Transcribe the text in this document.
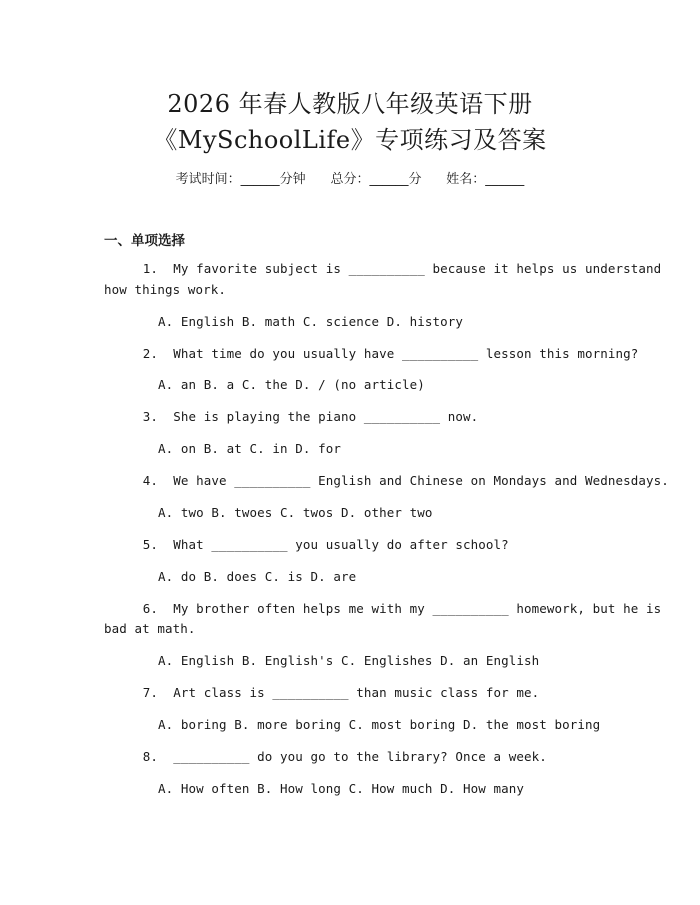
2026 年春人教版八年级英语下册
《MySchoolLife》专项练习及答案
考试时间：______分钟 总分：______分 姓名：______
一、单项选择
1. My favorite subject is __________ because it helps us understand
how things work.
A. English B. math C. science D. history
2. What time do you usually have __________ lesson this morning?
A. an B. a C. the D. / (no article)
3. She is playing the piano __________ now.
A. on B. at C. in D. for
4. We have __________ English and Chinese on Mondays and Wednesdays.
A. two B. twoes C. twos D. other two
5. What __________ you usually do after school?
A. do B. does C. is D. are
6. My brother often helps me with my __________ homework, but he is
bad at math.
A. English B. English's C. Englishes D. an English
7. Art class is __________ than music class for me.
A. boring B. more boring C. most boring D. the most boring
8. __________ do you go to the library? Once a week.
A. How often B. How long C. How much D. How many
